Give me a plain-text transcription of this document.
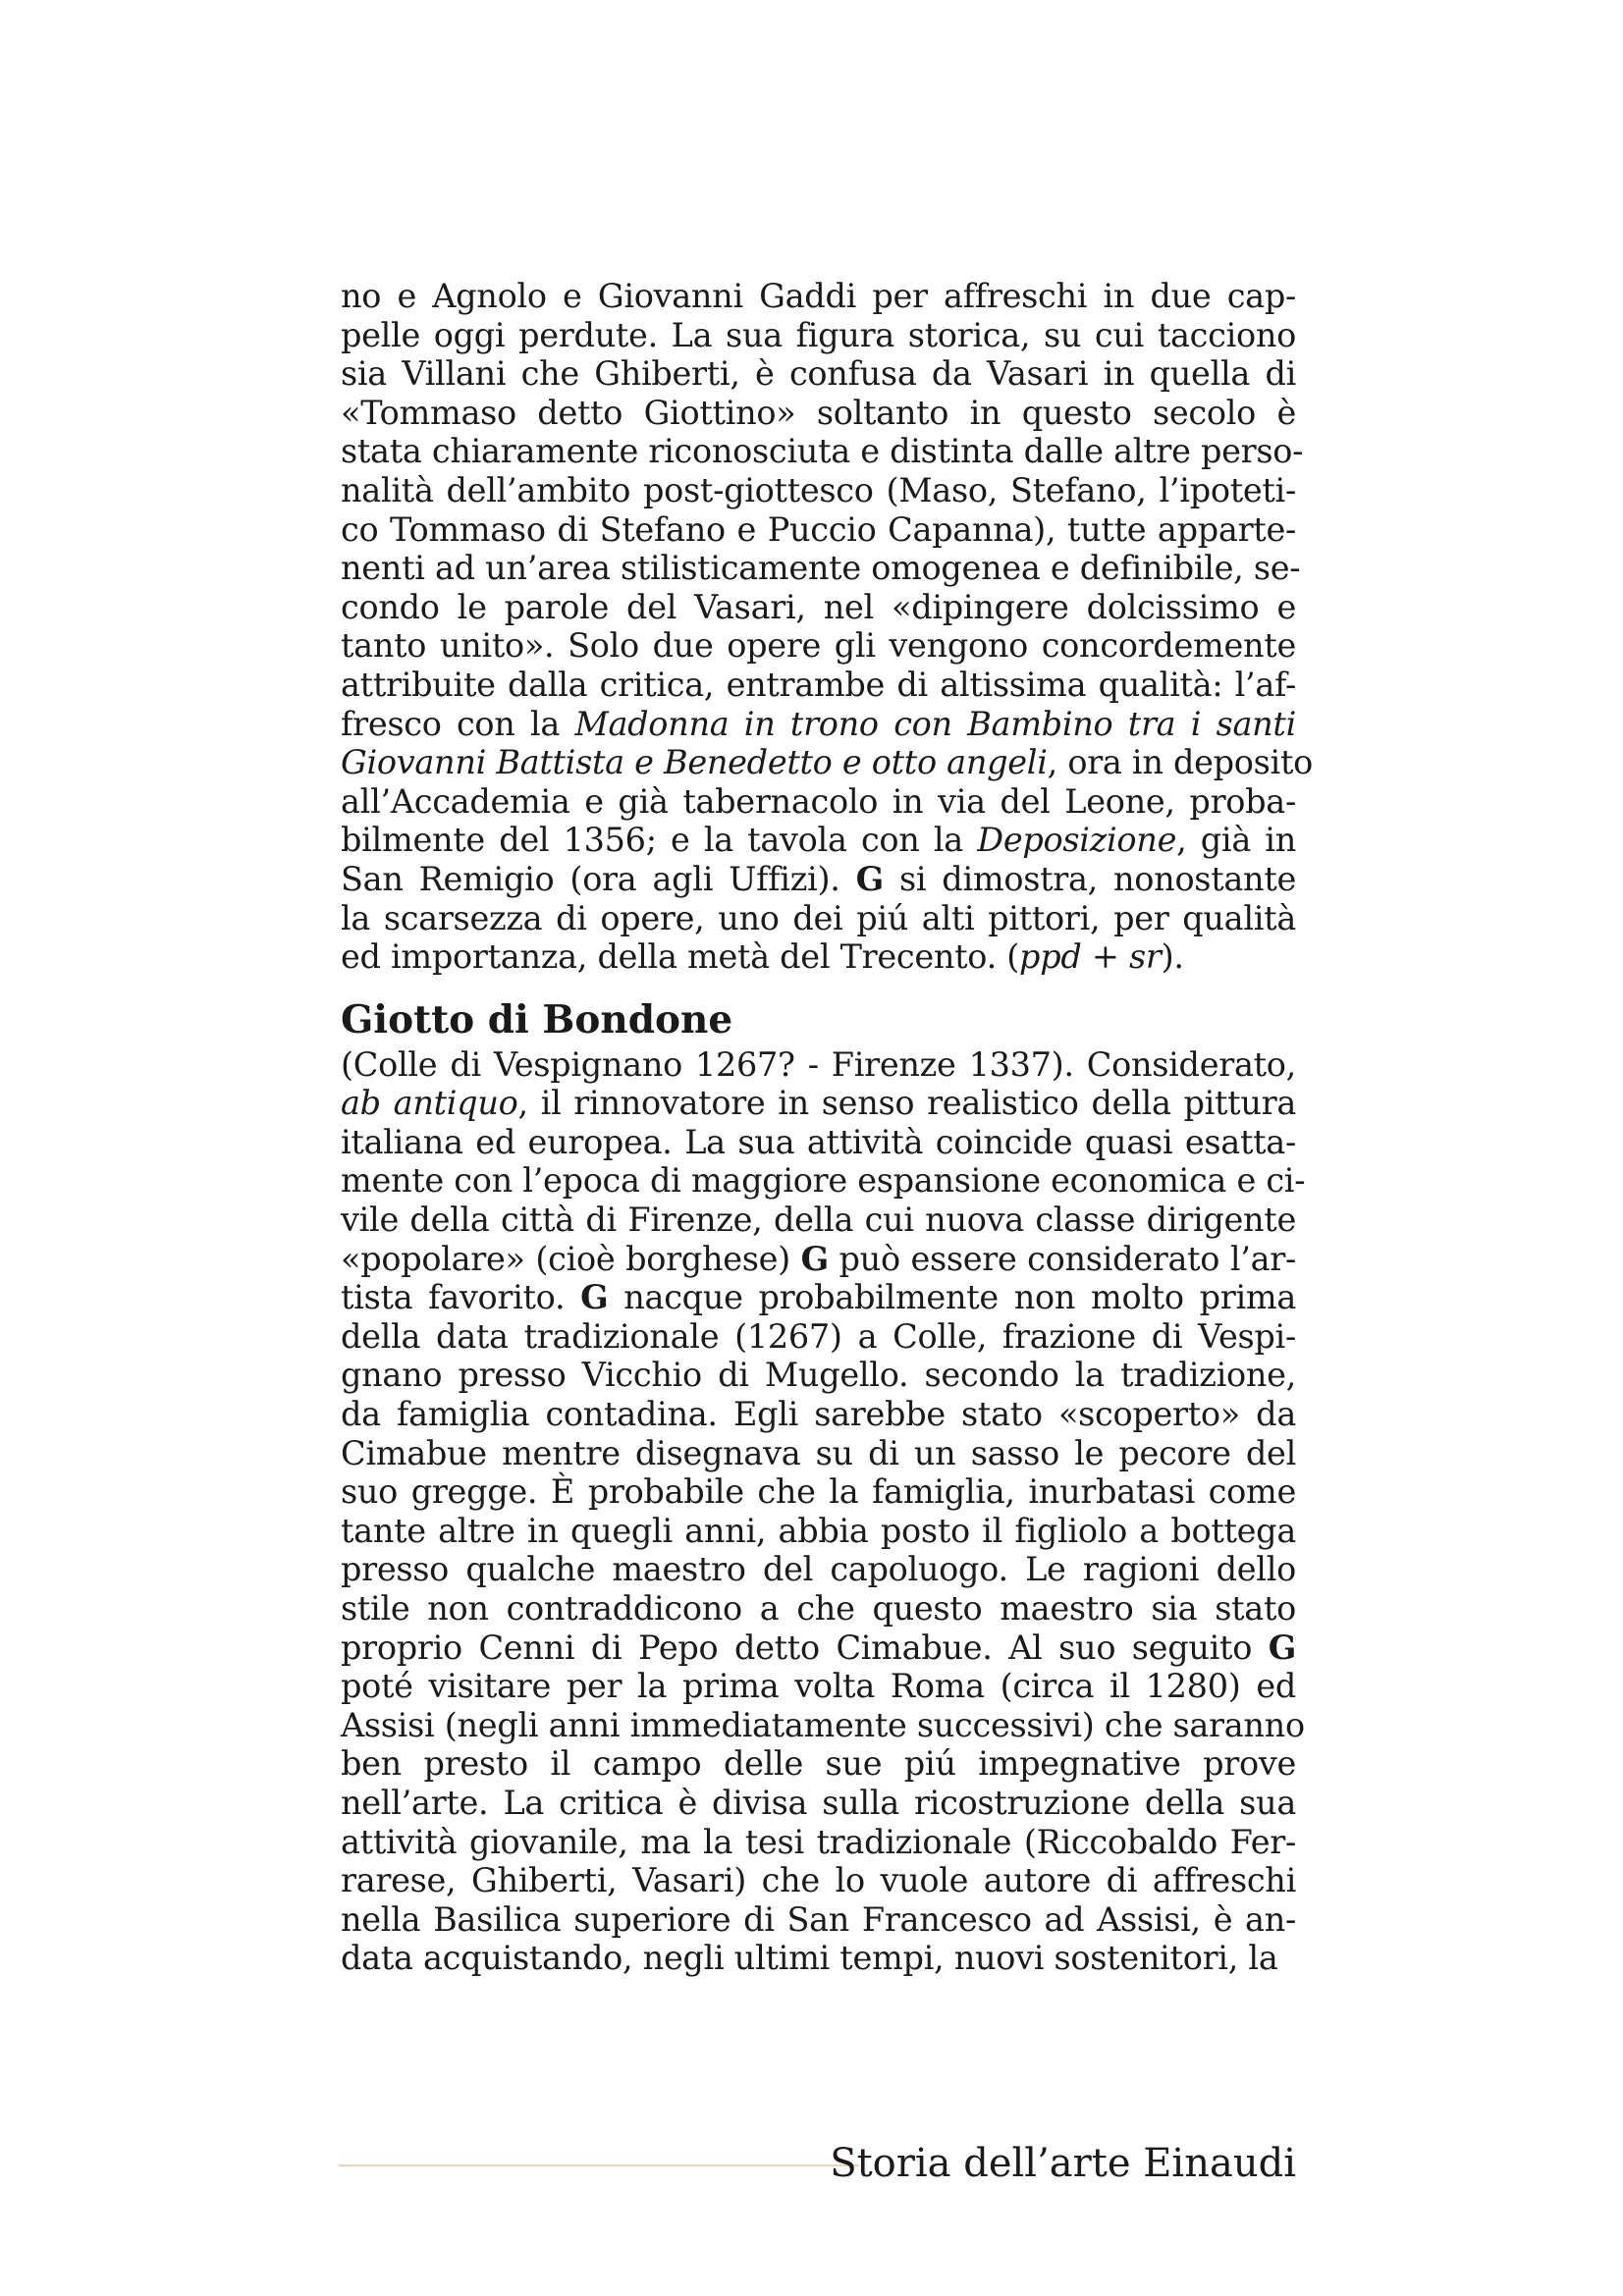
no e Agnolo e Giovanni Gaddi per affreschi in due cap-
pelle oggi perdute. La sua figura storica, su cui tacciono
sia Villani che Ghiberti, è confusa da Vasari in quella di
«Tommaso detto Giottino» soltanto in questo secolo è
stata chiaramente riconosciuta e distinta dalle altre perso-
nalità dell’ambito post-giottesco (Maso, Stefano, l’ipoteti-
co Tommaso di Stefano e Puccio Capanna), tutte apparte-
nenti ad un’area stilisticamente omogenea e definibile, se-
condo le parole del Vasari, nel «dipingere dolcissimo e
tanto unito». Solo due opere gli vengono concordemente
attribuite dalla critica, entrambe di altissima qualità: l’af-
fresco con la Madonna in trono con Bambino tra i santi
Giovanni Battista e Benedetto e otto angeli, ora in deposito
all’Accademia e già tabernacolo in via del Leone, proba-
bilmente del 1356; e la tavola con la Deposizione, già in
San Remigio (ora agli Uffizi). G si dimostra, nonostante
la scarsezza di opere, uno dei piú alti pittori, per qualità
ed importanza, della metà del Trecento. (ppd + sr).
Giotto di Bondone
(Colle di Vespignano 1267? - Firenze 1337). Considerato,
ab antiquo, il rinnovatore in senso realistico della pittura
italiana ed europea. La sua attività coincide quasi esatta-
mente con l’epoca di maggiore espansione economica e ci-
vile della città di Firenze, della cui nuova classe dirigente
«popolare» (cioè borghese) G può essere considerato l’ar-
tista favorito. G nacque probabilmente non molto prima
della data tradizionale (1267) a Colle, frazione di Vespi-
gnano presso Vicchio di Mugello. secondo la tradizione,
da famiglia contadina. Egli sarebbe stato «scoperto» da
Cimabue mentre disegnava su di un sasso le pecore del
suo gregge. È probabile che la famiglia, inurbatasi come
tante altre in quegli anni, abbia posto il figliolo a bottega
presso qualche maestro del capoluogo. Le ragioni dello
stile non contraddicono a che questo maestro sia stato
proprio Cenni di Pepo detto Cimabue. Al suo seguito G
poté visitare per la prima volta Roma (circa il 1280) ed
Assisi (negli anni immediatamente successivi) che saranno
ben presto il campo delle sue piú impegnative prove
nell’arte. La critica è divisa sulla ricostruzione della sua
attività giovanile, ma la tesi tradizionale (Riccobaldo Fer-
rarese, Ghiberti, Vasari) che lo vuole autore di affreschi
nella Basilica superiore di San Francesco ad Assisi, è an-
data acquistando, negli ultimi tempi, nuovi sostenitori, la
Storia dell’arte Einaudi
